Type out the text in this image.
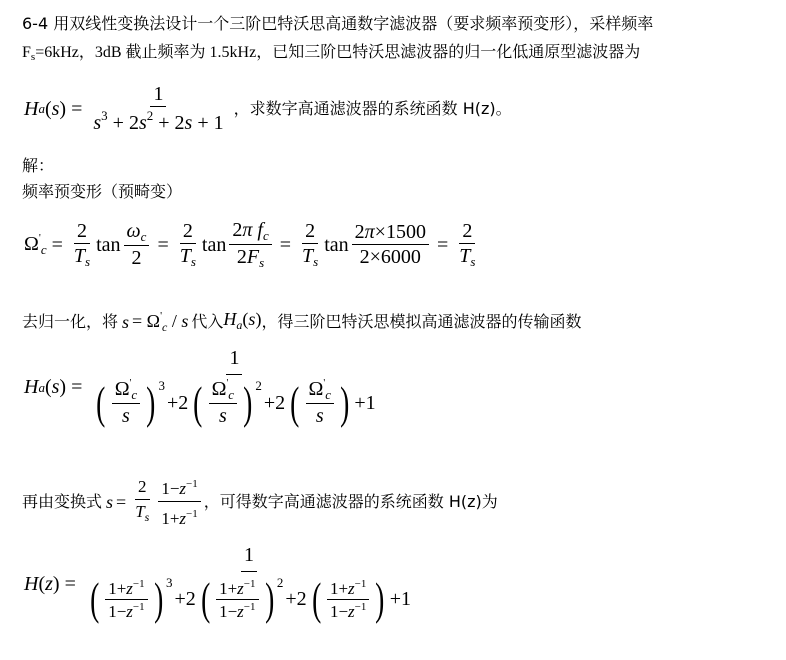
6-4 用双线性变换法设计一个三阶巴特沃思高通数字滤波器（要求频率预变形），采样频率
Fs=6kHz，3dB 截止频率为 1.5kHz，已知三阶巴特沃思滤波器的归一化低通原型滤波器为
H a ( s ) = $\frac{1}{s^3 + 2s^2 + 2s + 1}$ ，求数字高通滤波器的系统函数 H(z)。
解：
频率预变形（预畸变）
$\Omega'_c = \frac{2}{T_s}$ $\tan \frac{\omega_c}{2} = \frac{2}{T_s}$ $\tan \frac{2\pi f_c}{2F_s} = \frac{2}{T_s}$ $\tan \frac{2\pi\times 1500}{2\times 6000} = \frac{2}{T_s}$
去归一化，将 $s = \Omega'_c / s$ 代入 $H_a(s)$ ，得三阶巴特沃思模拟高通滤波器的传输函数
H a ( s ) =
1
( $\frac{\Omega'_c}{s}$ ) 3
+2 ( $\frac{\Omega'_c}{s}$ ) 2
+2 ( $\frac{\Omega'_c}{s}$ ) +1
再由变换式 $s = \frac{2}{T_s} \frac{1-z^{-1}}{1+z^{-1}}$ ，可得数字高通滤波器的系统函数 H(z)为
H ( z ) =
1
( $\frac{1+z^{-1}}{1-z^{-1}}$ ) 3
+2 ( $\frac{1+z^{-1}}{1-z^{-1}}$ ) 2
+2 ( $\frac{1+z^{-1}}{1-z^{-1}}$ ) +1
